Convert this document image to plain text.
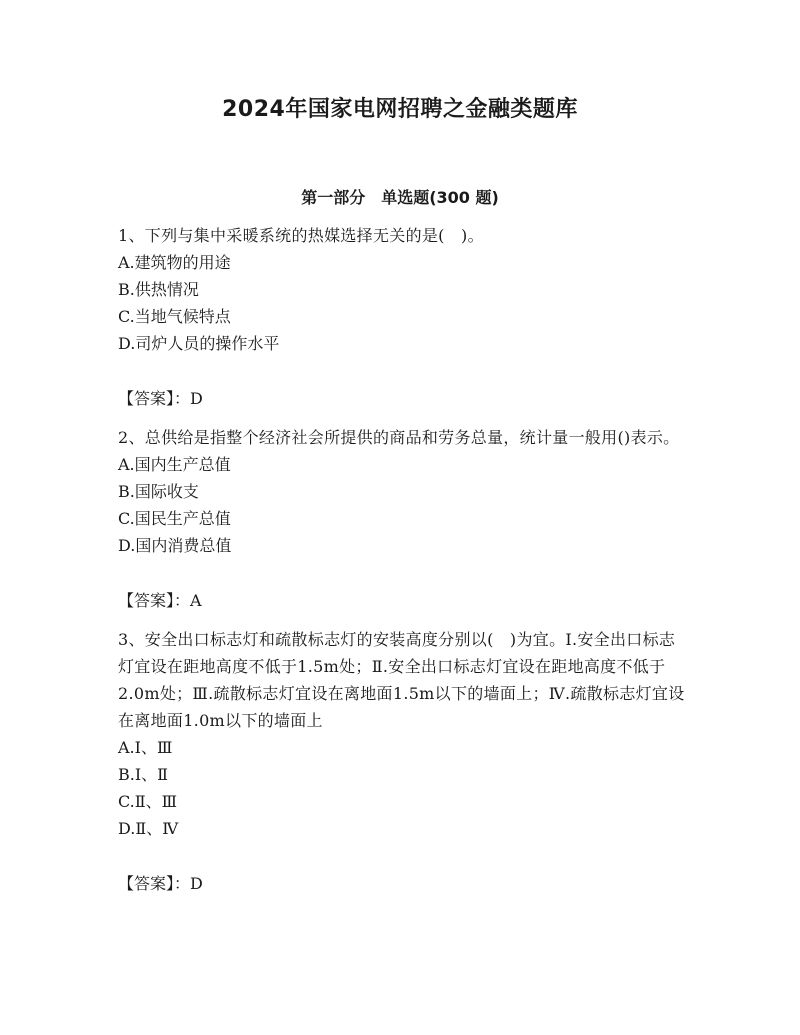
2024年国家电网招聘之金融类题库
第一部分　单选题(300 题)

1、下列与集中采暖系统的热媒选择无关的是(　)。

A.建筑物的用途

B.供热情况

C.当地气候特点

D.司炉人员的操作水平

【答案】：D

2、总供给是指整个经济社会所提供的商品和劳务总量，统计量一般用()表示。

A.国内生产总值

B.国际收支

C.国民生产总值

D.国内消费总值

【答案】：A

3、安全出口标志灯和疏散标志灯的安装高度分别以(　)为宜。Ⅰ.安全出口标志灯宜设在距地高度不低于1.5m处；Ⅱ.安全出口标志灯宜设在距地高度不低于2.0m处；Ⅲ.疏散标志灯宜设在离地面1.5m以下的墙面上；Ⅳ.疏散标志灯宜设在离地面1.0m以下的墙面上

A.Ⅰ、Ⅲ

B.Ⅰ、Ⅱ

C.Ⅱ、Ⅲ

D.Ⅱ、Ⅳ

【答案】：D
